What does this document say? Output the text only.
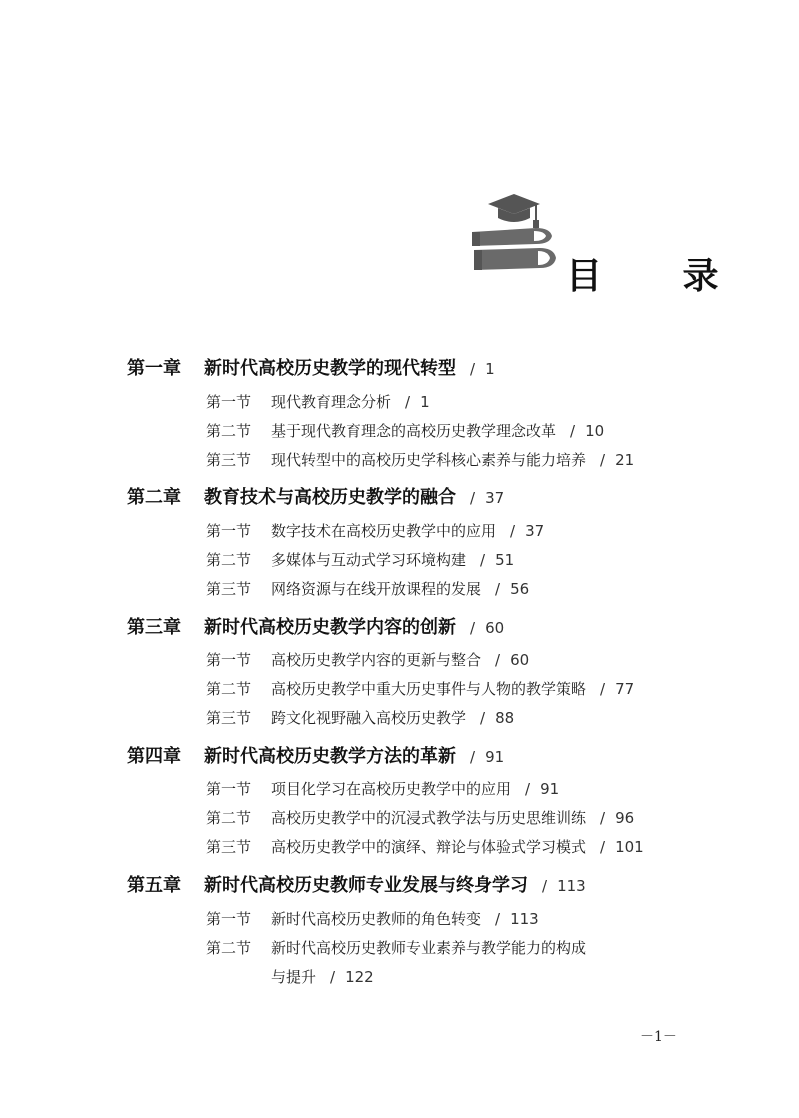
目 录
第一章 新时代高校历史教学的现代转型 / 1
第一节 现代教育理念分析 / 1
第二节 基于现代教育理念的高校历史教学理念改革 / 10
第三节 现代转型中的高校历史学科核心素养与能力培养 / 21
第二章 教育技术与高校历史教学的融合 / 37
第一节 数字技术在高校历史教学中的应用 / 37
第二节 多媒体与互动式学习环境构建 / 51
第三节 网络资源与在线开放课程的发展 / 56
第三章 新时代高校历史教学内容的创新 / 60
第一节 高校历史教学内容的更新与整合 / 60
第二节 高校历史教学中重大历史事件与人物的教学策略 / 77
第三节 跨文化视野融入高校历史教学 / 88
第四章 新时代高校历史教学方法的革新 / 91
第一节 项目化学习在高校历史教学中的应用 / 91
第二节 高校历史教学中的沉浸式教学法与历史思维训练 / 96
第三节 高校历史教学中的演绎、辩论与体验式学习模式 / 101
第五章 新时代高校历史教师专业发展与终身学习 / 113
第一节 新时代高校历史教师的角色转变 / 113
第二节 新时代高校历史教师专业素养与教学能力的构成
与提升 / 122
－1－
